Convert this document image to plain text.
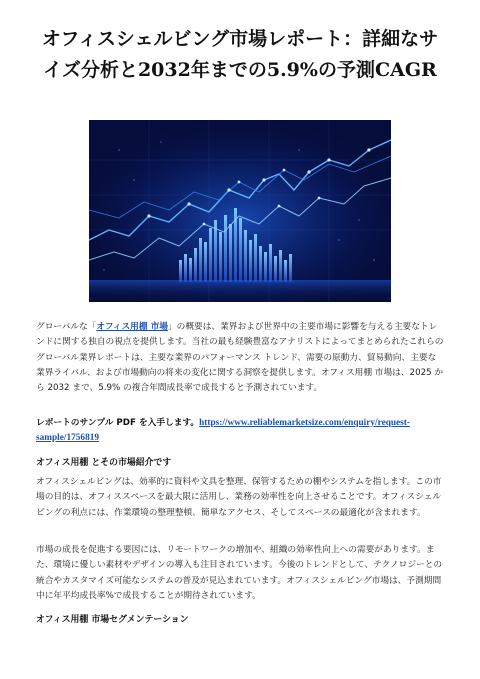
オフィスシェルビング市場レポート：詳細なサ
イズ分析と2032年までの5.9%の予測CAGR

グローバルな「オフィス用棚 市場」の概要は、業界および世界中の主要市場に影響を与える主要なトレンドに関する独自の視点を提供します。当社の最も経験豊富なアナリストによってまとめられたこれらのグローバル業界レポートは、主要な業界のパフォーマンス トレンド、需要の原動力、貿易動向、主要な業界ライバル、および市場動向の将来の変化に関する洞察を提供します。オフィス用棚 市場は、2025 から 2032 まで、5.9% の複合年間成長率で成長すると予測されています。

レポートのサンプル PDF を入手します。https://www.reliablemarketsize.com/enquiry/request-sample/1756819

オフィス用棚 とその市場紹介です

オフィスシェルビングは、効率的に資料や文具を整理、保管するための棚やシステムを指します。この市場の目的は、オフィススペースを最大限に活用し、業務の効率性を向上させることです。オフィスシェルビングの利点には、作業環境の整理整頓、簡単なアクセス、そしてスペースの最適化が含まれます。

市場の成長を促進する要因には、リモートワークの増加や、組織の効率性向上への需要があります。また、環境に優しい素材やデザインの導入も注目されています。今後のトレンドとして、テクノロジーとの統合やカスタマイズ可能なシステムの普及が見込まれています。オフィスシェルビング市場は、予測期間中に年平均成長率%で成長することが期待されています。

オフィス用棚 市場セグメンテーション
